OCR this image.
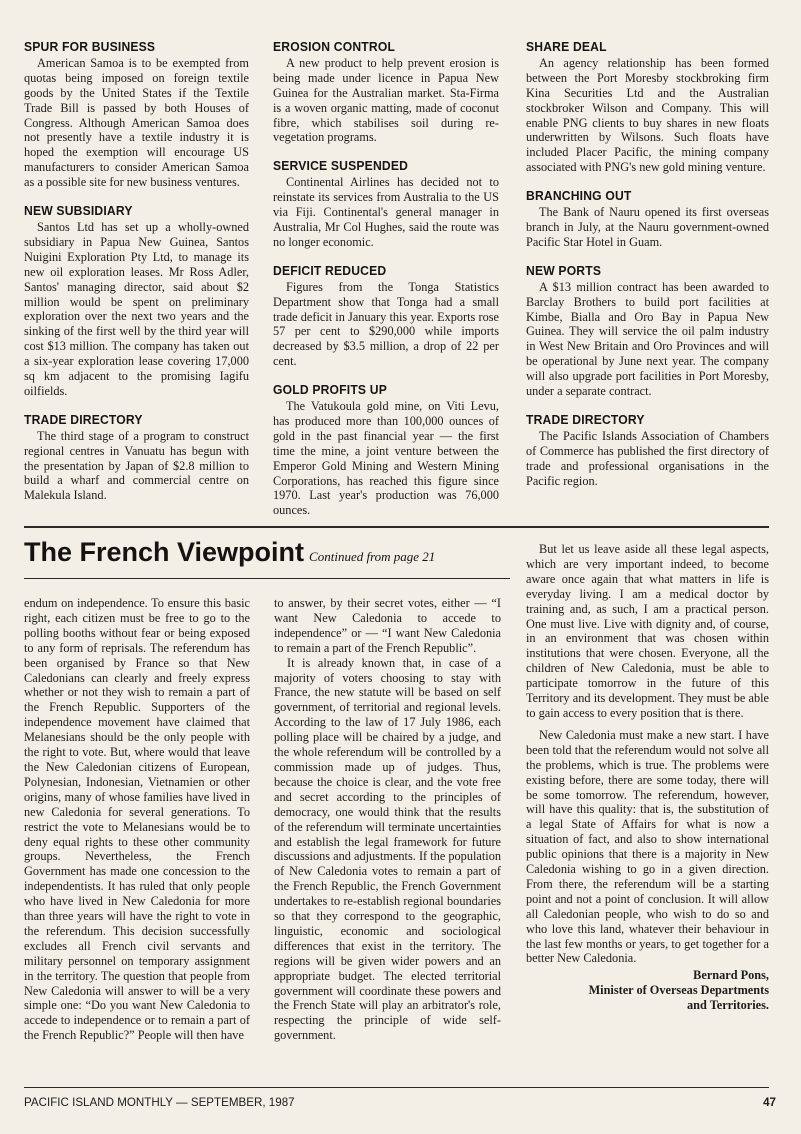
SPUR FOR BUSINESS

American Samoa is to be exempted from quotas being imposed on foreign textile goods by the United States if the Textile Trade Bill is passed by both Houses of Congress. Although American Samoa does not presently have a textile industry it is hoped the exemption will encourage US manufacturers to consider American Samoa as a possible site for new business ventures.

NEW SUBSIDIARY

Santos Ltd has set up a wholly-owned subsidiary in Papua New Guinea, Santos Nuigini Exploration Pty Ltd, to manage its new oil exploration leases. Mr Ross Adler, Santos' managing director, said about $2 million would be spent on preliminary exploration over the next two years and the sinking of the first well by the third year will cost $13 million. The company has taken out a six-year exploration lease covering 17,000 sq km adjacent to the promising Iagifu oilfields.

TRADE DIRECTORY

The third stage of a program to construct regional centres in Vanuatu has begun with the presentation by Japan of $2.8 million to build a wharf and commercial centre on Malekula Island.

EROSION CONTROL

A new product to help prevent erosion is being made under licence in Papua New Guinea for the Australian market. Sta-Firma is a woven organic matting, made of coconut fibre, which stabilises soil during re-vegetation programs.

SERVICE SUSPENDED

Continental Airlines has decided not to reinstate its services from Australia to the US via Fiji. Continental's general manager in Australia, Mr Col Hughes, said the route was no longer economic.

DEFICIT REDUCED

Figures from the Tonga Statistics Department show that Tonga had a small trade deficit in January this year. Exports rose 57 per cent to $290,000 while imports decreased by $3.5 million, a drop of 22 per cent.

GOLD PROFITS UP

The Vatukoula gold mine, on Viti Levu, has produced more than 100,000 ounces of gold in the past financial year — the first time the mine, a joint venture between the Emperor Gold Mining and Western Mining Corporations, has reached this figure since 1970. Last year's production was 76,000 ounces.

SHARE DEAL

An agency relationship has been formed between the Port Moresby stockbroking firm Kina Securities Ltd and the Australian stockbroker Wilson and Company. This will enable PNG clients to buy shares in new floats underwritten by Wilsons. Such floats have included Placer Pacific, the mining company associated with PNG's new gold mining venture.

BRANCHING OUT

The Bank of Nauru opened its first overseas branch in July, at the Nauru government-owned Pacific Star Hotel in Guam.

NEW PORTS

A $13 million contract has been awarded to Barclay Brothers to build port facilities at Kimbe, Bialla and Oro Bay in Papua New Guinea. They will service the oil palm industry in West New Britain and Oro Provinces and will be operational by June next year. The company will also upgrade port facilities in Port Moresby, under a separate contract.

TRADE DIRECTORY

The Pacific Islands Association of Chambers of Commerce has published the first directory of trade and professional organisations in the Pacific region.

The French Viewpoint Continued from page 21

endum on independence. To ensure this basic right, each citizen must be free to go to the polling booths without fear or being exposed to any form of reprisals. The referendum has been organised by France so that New Caledonians can clearly and freely express whether or not they wish to remain a part of the French Republic. Supporters of the independence movement have claimed that Melanesians should be the only people with the right to vote. But, where would that leave the New Caledonian citizens of European, Polynesian, Indonesian, Vietnamien or other origins, many of whose families have lived in new Caledonia for several generations. To restrict the vote to Melanesians would be to deny equal rights to these other community groups. Nevertheless, the French Government has made one concession to the independentists. It has ruled that only people who have lived in New Caledonia for more than three years will have the right to vote in the referendum. This decision successfully excludes all French civil servants and military personnel on temporary assignment in the territory. The question that people from New Caledonia will answer to will be a very simple one: “Do you want New Caledonia to accede to independence or to remain a part of the French Republic?” People will then have

to answer, by their secret votes, either — “I want New Caledonia to accede to independence” or — “I want New Caledonia to remain a part of the French Republic”.

It is already known that, in case of a majority of voters choosing to stay with France, the new statute will be based on self government, of territorial and regional levels. According to the law of 17 July 1986, each polling place will be chaired by a judge, and the whole referendum will be controlled by a commission made up of judges. Thus, because the choice is clear, and the vote free and secret according to the principles of democracy, one would think that the results of the referendum will terminate uncertainties and establish the legal framework for future discussions and adjustments. If the population of New Caledonia votes to remain a part of the French Republic, the French Government undertakes to re-establish regional boundaries so that they correspond to the geographic, linguistic, economic and sociological differences that exist in the territory. The regions will be given wider powers and an appropriate budget. The elected territorial government will coordinate these powers and the French State will play an arbitrator's role, respecting the principle of wide self-government.

But let us leave aside all these legal aspects, which are very important indeed, to become aware once again that what matters in life is everyday living. I am a medical doctor by training and, as such, I am a practical person. One must live. Live with dignity and, of course, in an environment that was chosen within institutions that were chosen. Everyone, all the children of New Caledonia, must be able to participate tomorrow in the future of this Territory and its development. They must be able to gain access to every position that is there.

New Caledonia must make a new start. I have been told that the referendum would not solve all the problems, which is true. The problems were existing before, there are some today, there will be some tomorrow. The referendum, however, will have this quality: that is, the substitution of a legal State of Affairs for what is now a situation of fact, and also to show international public opinions that there is a majority in New Caledonia wishing to go in a given direction. From there, the referendum will be a starting point and not a point of conclusion. It will allow all Caledonian people, who wish to do so and who love this land, whatever their behaviour in the last few months or years, to get together for a better New Caledonia.

Bernard Pons,
Minister of Overseas Departments
and Territories.
PACIFIC ISLAND MONTHLY — SEPTEMBER, 1987	47
